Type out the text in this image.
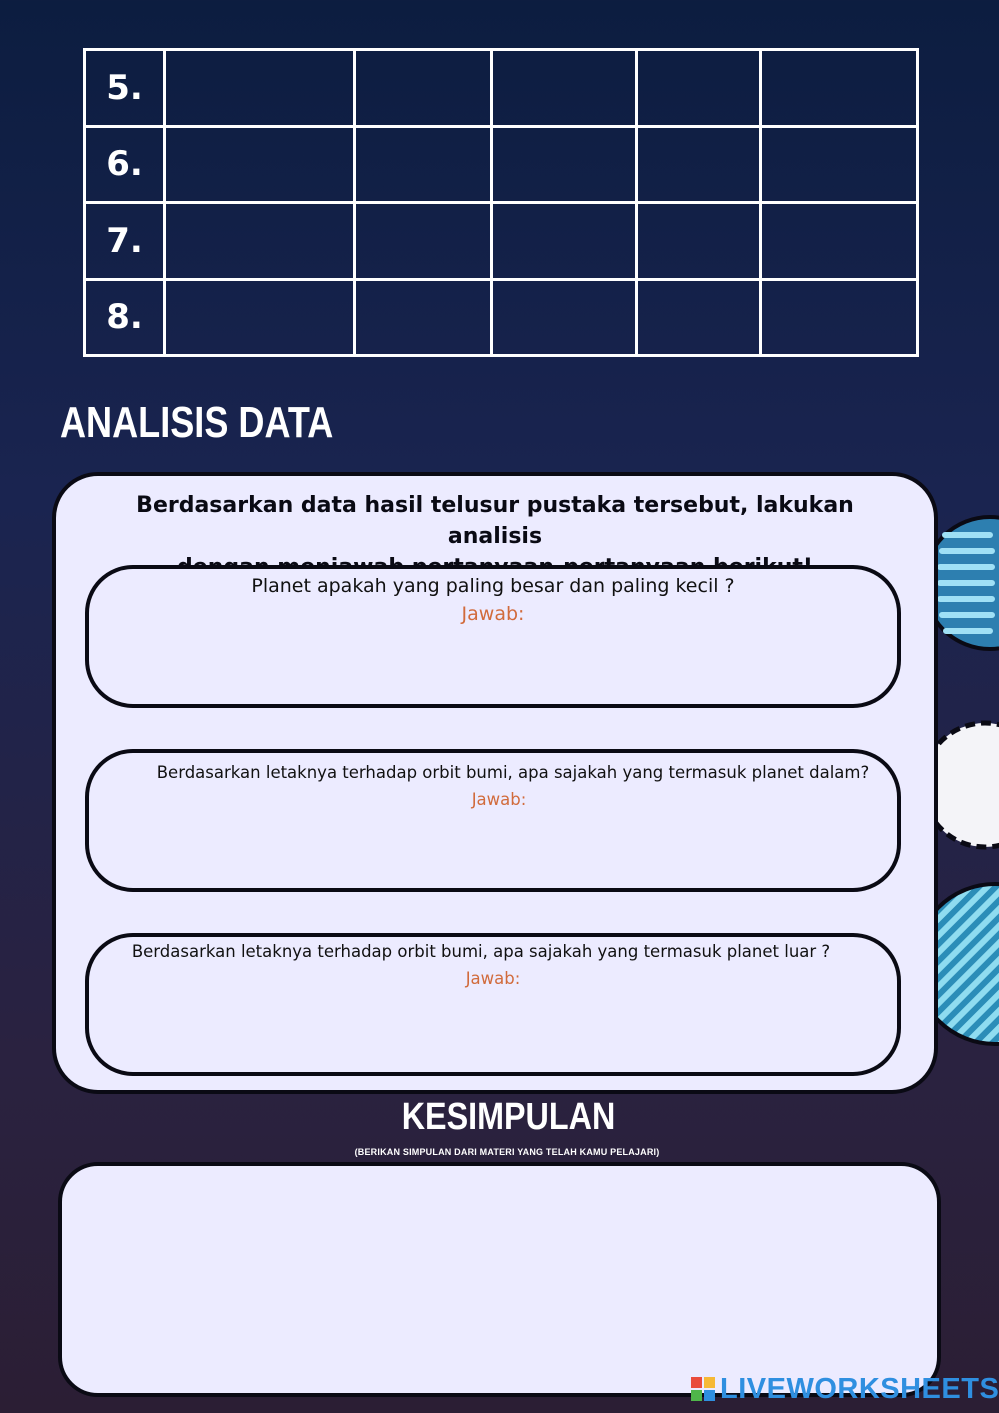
5.					
6.					
7.					
8.					
ANALISIS DATA
Berdasarkan data hasil telusur pustaka tersebut, lakukan analisis
Planet apakah yang paling besar dan paling kecil ?
Jawab:
Berdasarkan letaknya terhadap orbit bumi, apa sajakah yang termasuk planet dalam?
Jawab:
Berdasarkan letaknya terhadap orbit bumi, apa sajakah yang termasuk planet luar ?
Jawab:
KESIMPULAN
(BERIKAN SIMPULAN DARI MATERI YANG TELAH KAMU PELAJARI)
LIVEWORKSHEETS
